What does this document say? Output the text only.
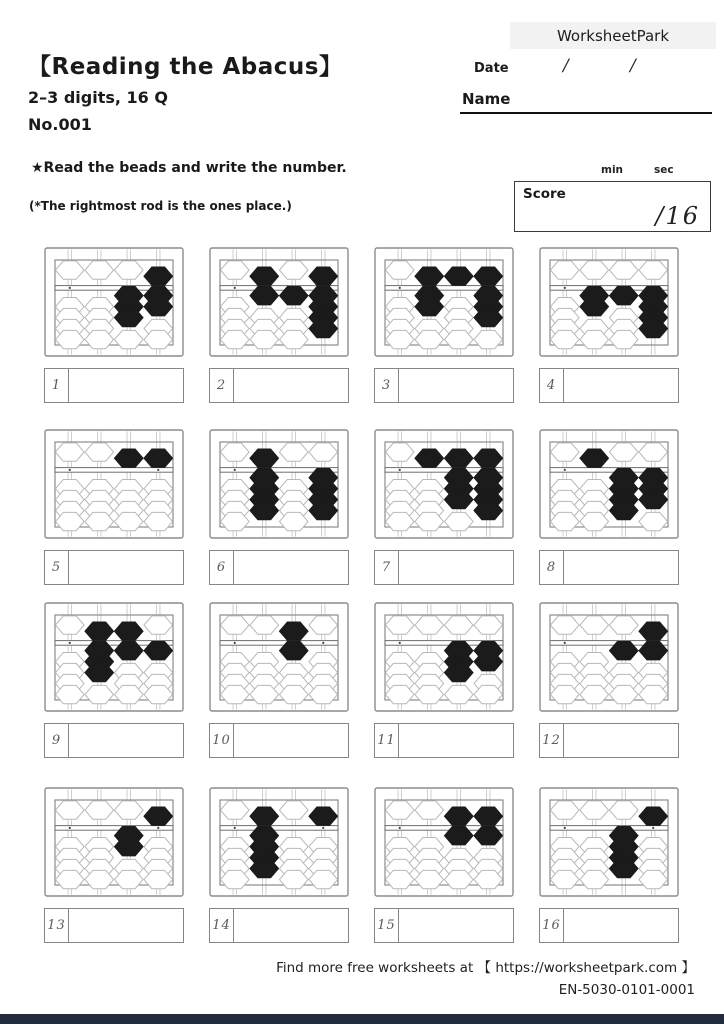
WorksheetPark
【Reading the Abacus】
2–3 digits, 16 Q
No.001
Date	/	/
Name
★Read the beads and write the number.
(*The rightmost rod is the ones place.)
min	sec
Score
/16
1	2	3	4
5	6	7	8
9	10	11	12
13	14	15	16
Find more free worksheets at 【 https://worksheetpark.com 】
EN-5030-0101-0001
